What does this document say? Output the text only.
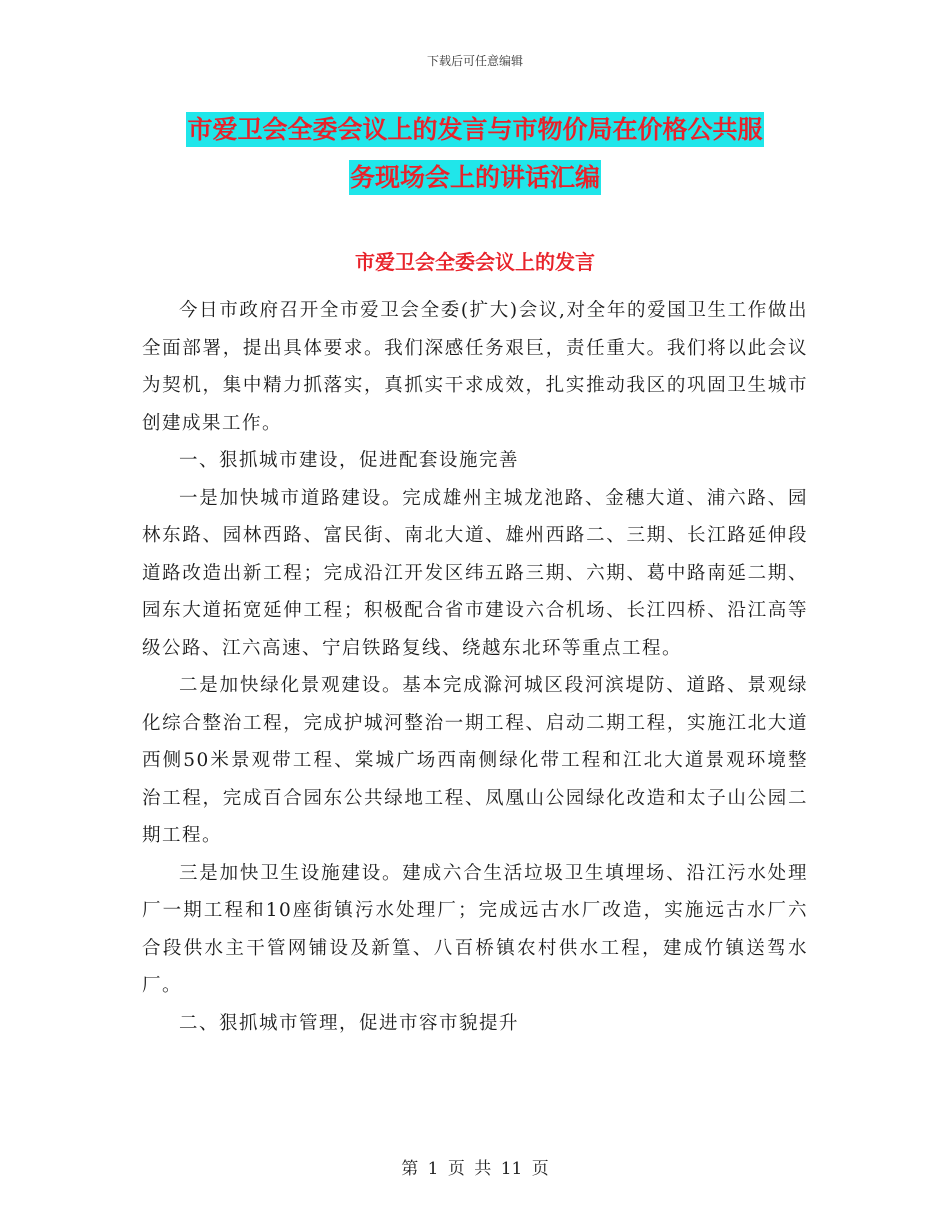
下载后可任意编辑
市爱卫会全委会议上的发言与市物价局在价格公共服
务现场会上的讲话汇编
市爱卫会全委会议上的发言

今日市政府召开全市爱卫会全委(扩大)会议,对全年的爱国卫生工作做出全面部署，提出具体要求。我们深感任务艰巨，责任重大。我们将以此会议为契机，集中精力抓落实，真抓实干求成效，扎实推动我区的巩固卫生城市创建成果工作。

一、狠抓城市建设，促进配套设施完善

一是加快城市道路建设。完成雄州主城龙池路、金穗大道、浦六路、园林东路、园林西路、富民街、南北大道、雄州西路二、三期、长江路延伸段道路改造出新工程；完成沿江开发区纬五路三期、六期、葛中路南延二期、园东大道拓宽延伸工程；积极配合省市建设六合机场、长江四桥、沿江高等级公路、江六高速、宁启铁路复线、绕越东北环等重点工程。

二是加快绿化景观建设。基本完成滁河城区段河滨堤防、道路、景观绿化综合整治工程，完成护城河整治一期工程、启动二期工程，实施江北大道西侧50米景观带工程、棠城广场西南侧绿化带工程和江北大道景观环境整治工程，完成百合园东公共绿地工程、凤凰山公园绿化改造和太子山公园二期工程。

三是加快卫生设施建设。建成六合生活垃圾卫生填埋场、沿江污水处理厂一期工程和10座街镇污水处理厂；完成远古水厂改造，实施远古水厂六合段供水主干管网铺设及新篁、八百桥镇农村供水工程，建成竹镇送驾水厂。

二、狠抓城市管理，促进市容市貌提升

第 1 页 共 11 页
